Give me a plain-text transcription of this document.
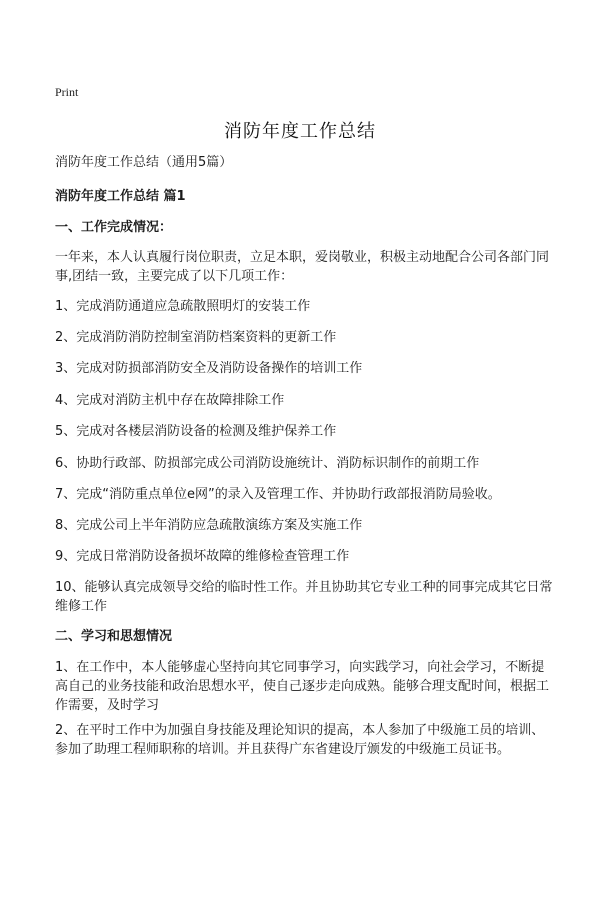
Print
消防年度工作总结
消防年度工作总结（通用5篇）
消防年度工作总结 篇1
一、工作完成情况：
一年来，本人认真履行岗位职责，立足本职，爱岗敬业，积极主动地配合公司各部门同事,团结一致，主要完成了以下几项工作：
1、完成消防通道应急疏散照明灯的安装工作
2、完成消防消防控制室消防档案资料的更新工作
3、完成对防损部消防安全及消防设备操作的培训工作
4、完成对消防主机中存在故障排除工作
5、完成对各楼层消防设备的检测及维护保养工作
6、协助行政部、防损部完成公司消防设施统计、消防标识制作的前期工作
7、完成“消防重点单位e网”的录入及管理工作、并协助行政部报消防局验收。
8、完成公司上半年消防应急疏散演练方案及实施工作
9、完成日常消防设备损坏故障的维修检查管理工作
10、能够认真完成领导交给的临时性工作。并且协助其它专业工种的同事完成其它日常维修工作
二、学习和思想情况
1、在工作中，本人能够虚心坚持向其它同事学习，向实践学习，向社会学习，不断提高自己的业务技能和政治思想水平，使自己逐步走向成熟。能够合理支配时间，根据工作需要，及时学习
2、在平时工作中为加强自身技能及理论知识的提高，本人参加了中级施工员的培训、参加了助理工程师职称的培训。并且获得广东省建设厅颁发的中级施工员证书。
